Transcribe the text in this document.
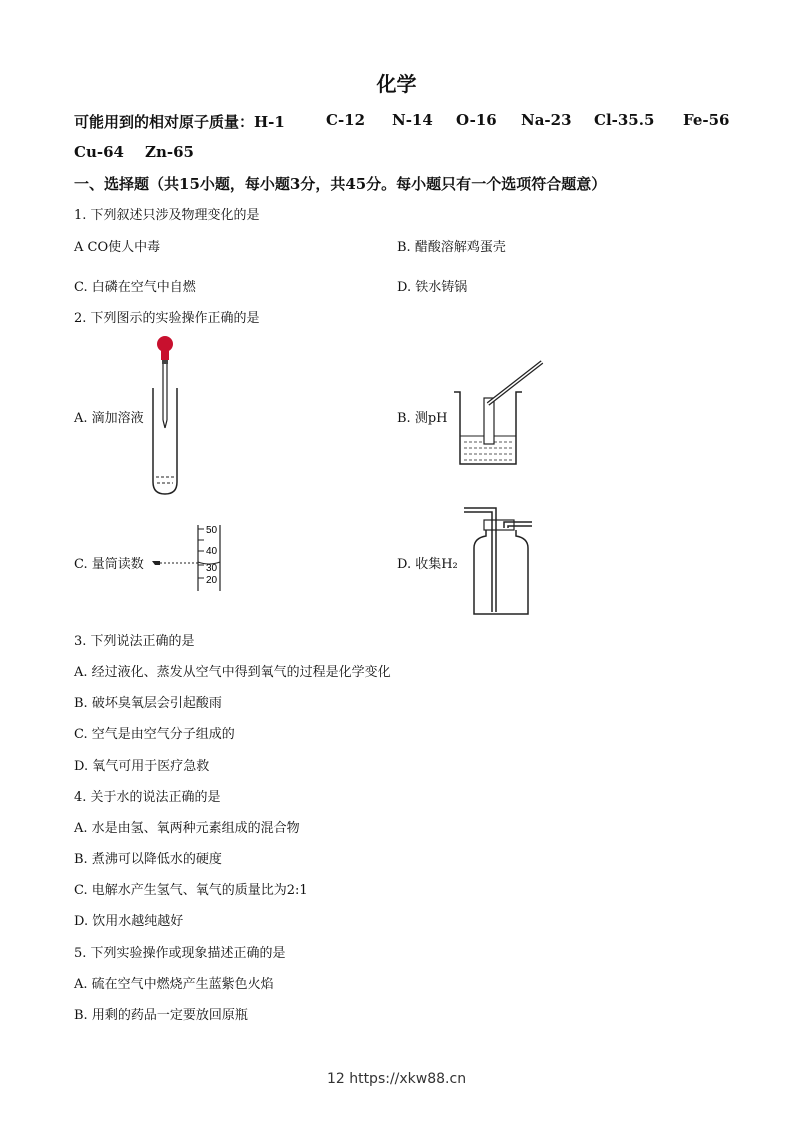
化学
可能用到的相对原子质量：H-1	C-12 N-14 O-16 Na-23 Cl-35.5 Fe-56
Cu-64 Zn-65
一、选择题（共15小题，每小题3分，共45分。每小题只有一个选项符合题意）
1. 下列叙述只涉及物理变化的是
A CO使人中毒	B. 醋酸溶解鸡蛋壳
C. 白磷在空气中自燃	D. 铁水铸锅
2. 下列图示的实验操作正确的是
A. 滴加溶液	B. 测pH
C. 量筒读数	D. 收集H₂
50
40
30
20
3. 下列说法正确的是
A. 经过液化、蒸发从空气中得到氧气的过程是化学变化
B. 破坏臭氧层会引起酸雨
C. 空气是由空气分子组成的
D. 氧气可用于医疗急救
4. 关于水的说法正确的是
A. 水是由氢、氧两种元素组成的混合物
B. 煮沸可以降低水的硬度
C. 电解水产生氢气、氧气的质量比为2:1
D. 饮用水越纯越好
5. 下列实验操作或现象描述正确的是
A. 硫在空气中燃烧产生蓝紫色火焰
B. 用剩的药品一定要放回原瓶
12 https://xkw88.cn
